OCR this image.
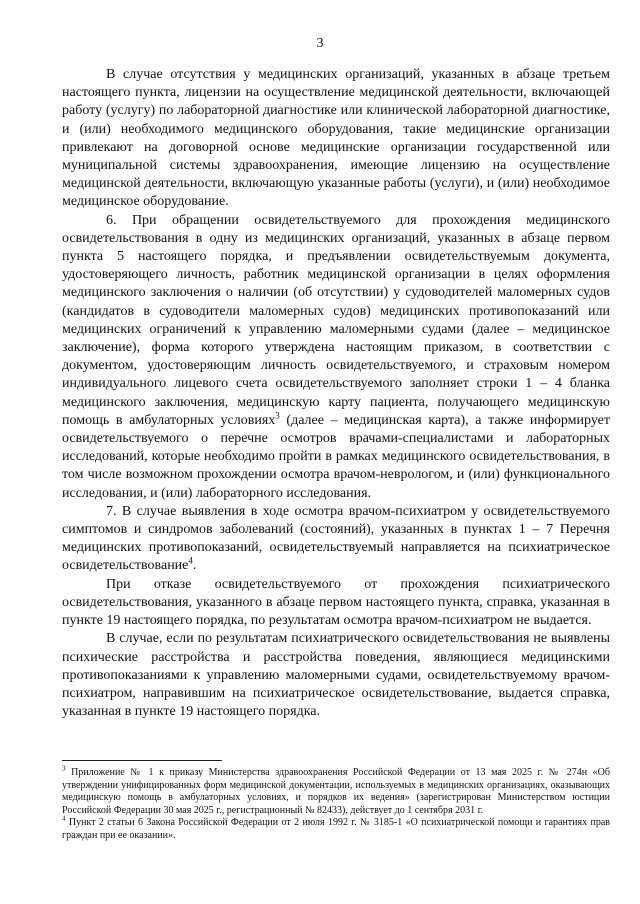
3

В случае отсутствия у медицинских организаций, указанных в абзаце третьем настоящего пункта, лицензии на осуществление медицинской деятельности, включающей работу (услугу) по лабораторной диагностике или клинической лабораторной диагностике, и (или) необходимого медицинского оборудования, такие медицинские организации привлекают на договорной основе медицинские организации государственной или муниципальной системы здравоохранения, имеющие лицензию на осуществление медицинской деятельности, включающую указанные работы (услуги), и (или) необходимое медицинское оборудование.

6. При обращении освидетельствуемого для прохождения медицинского освидетельствования в одну из медицинских организаций, указанных в абзаце первом пункта 5 настоящего порядка, и предъявлении освидетельствуемым документа, удостоверяющего личность, работник медицинской организации в целях оформления медицинского заключения о наличии (об отсутствии) у судоводителей маломерных судов (кандидатов в судоводители маломерных судов) медицинских противопоказаний или медицинских ограничений к управлению маломерными судами (далее – медицинское заключение), форма которого утверждена настоящим приказом, в соответствии с документом, удостоверяющим личность освидетельствуемого, и страховым номером индивидуального лицевого счета освидетельствуемого заполняет строки 1 – 4 бланка медицинского заключения, медицинскую карту пациента, получающего медицинскую помощь в амбулаторных условиях$^3$ (далее – медицинская карта), а также информирует освидетельствуемого о перечне осмотров врачами-специалистами и лабораторных исследований, которые необходимо пройти в рамках медицинского освидетельствования, в том числе возможном прохождении осмотра врачом-неврологом, и (или) функционального исследования, и (или) лабораторного исследования.

7. В случае выявления в ходе осмотра врачом-психиатром у освидетельствуемого симптомов и синдромов заболеваний (состояний), указанных в пунктах 1 – 7 Перечня медицинских противопоказаний, освидетельствуемый направляется на психиатрическое освидетельствование$^4$.

При отказе освидетельствуемого от прохождения психиатрического освидетельствования, указанного в абзаце первом настоящего пункта, справка, указанная в пункте 19 настоящего порядка, по результатам осмотра врачом-психиатром не выдается.

В случае, если по результатам психиатрического освидетельствования не выявлены психические расстройства и расстройства поведения, являющиеся медицинскими противопоказаниями к управлению маломерными судами, освидетельствуемому врачом-психиатром, направившим на психиатрическое освидетельствование, выдается справка, указанная в пункте 19 настоящего порядка.

$^3$ Приложение № 1 к приказу Министерства здравоохранения Российской Федерации от 13 мая 2025 г. № 274н «Об утверждении унифицированных форм медицинской документации, используемых в медицинских организациях, оказывающих медицинскую помощь в амбулаторных условиях, и порядков их ведения» (зарегистрирован Министерством юстиции Российской Федерации 30 мая 2025 г., регистрационный № 82433), действует до 1 сентября 2031 г.

$^4$ Пункт 2 статьи 6 Закона Российской Федерации от 2 июля 1992 г. № 3185-1 «О психиатрической помощи и гарантиях прав граждан при ее оказании».
